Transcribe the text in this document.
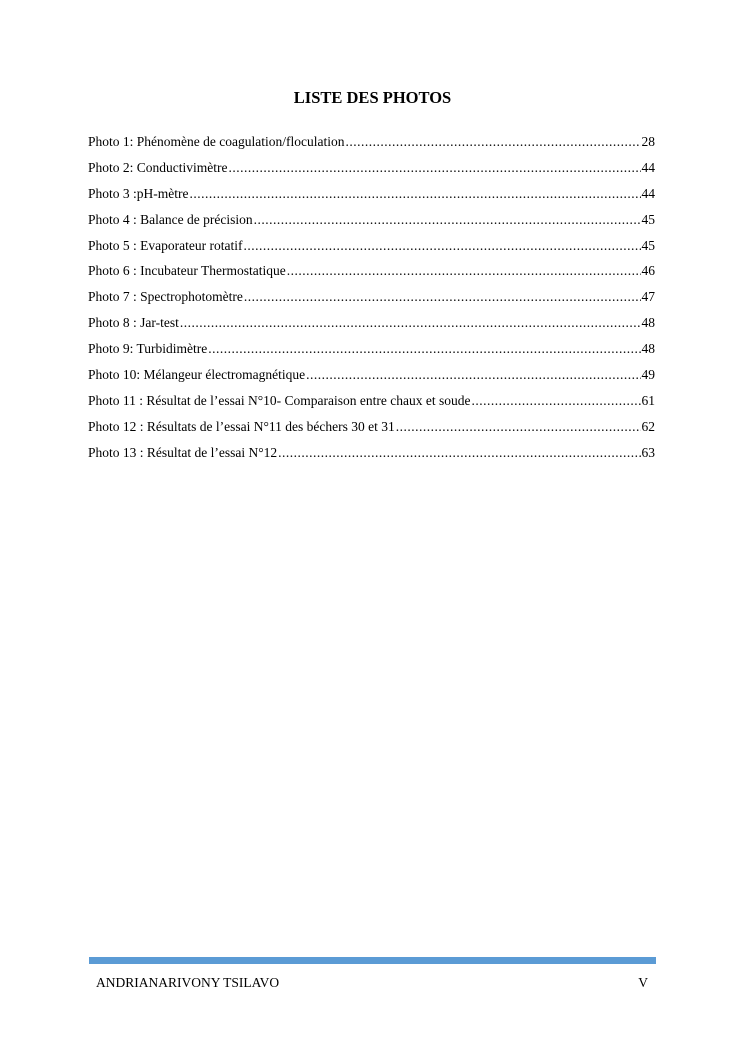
LISTE DES PHOTOS
Photo 1: Phénomène de coagulation/floculation .....	28
Photo 2: Conductivimètre .....	44
Photo 3 :pH-mètre .....	44
Photo 4 : Balance de précision .....	45
Photo 5 : Evaporateur rotatif .....	45
Photo 6 : Incubateur Thermostatique .....	46
Photo 7 : Spectrophotomètre .....	47
Photo 8 : Jar-test .....	48
Photo 9: Turbidimètre .....	48
Photo 10: Mélangeur électromagnétique .....	49
Photo 11 : Résultat de l’essai N°10- Comparaison entre chaux et soude .....	61
Photo 12 : Résultats de l’essai N°11 des béchers 30 et 31 .....	62
Photo 13 : Résultat de l’essai N°12 .....	63
ANDRIANARIVONY TSILAVO	V
